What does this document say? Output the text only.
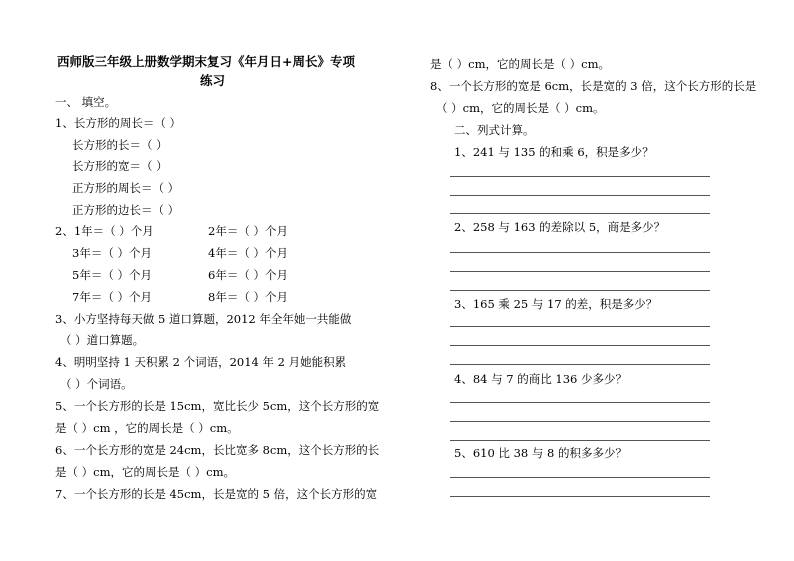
西师版三年级上册数学期末复习《年月日+周长》专项
练习
一、 填空。
1、长方形的周长＝（ ）
长方形的长＝（ ）
长方形的宽＝（ ）
正方形的周长＝（ ）
正方形的边长＝（ ）
2、1年＝（ ）个月	2年＝（ ）个月
3年＝（ ）个月	4年＝（ ）个月
5年＝（ ）个月	6年＝（ ）个月
7年＝（ ）个月	8年＝（ ）个月
3、小方坚持每天做 5 道口算题，2012 年全年她一共能做
（ ）道口算题。
4、明明坚持 1 天积累 2 个词语，2014 年 2 月她能积累
（ ）个词语。
5、一个长方形的长是 15cm，宽比长少 5cm，这个长方形的宽
是（ ）cm ，它的周长是（ ）cm。
6、一个长方形的宽是 24cm，长比宽多 8cm，这个长方形的长
是（ ）cm，它的周长是（ ）cm。
7、一个长方形的长是 45cm，长是宽的 5 倍，这个长方形的宽
是（ ）cm，它的周长是（ ）cm。
8、一个长方形的宽是 6cm，长是宽的 3 倍，这个长方形的长是
（ ）cm，它的周长是（ ）cm。
二、列式计算。
1、241 与 135 的和乘 6，积是多少？
2、258 与 163 的差除以 5，商是多少？
3、165 乘 25 与 17 的差，积是多少？
4、84 与 7 的商比 136 少多少？
5、610 比 38 与 8 的积多多少？
